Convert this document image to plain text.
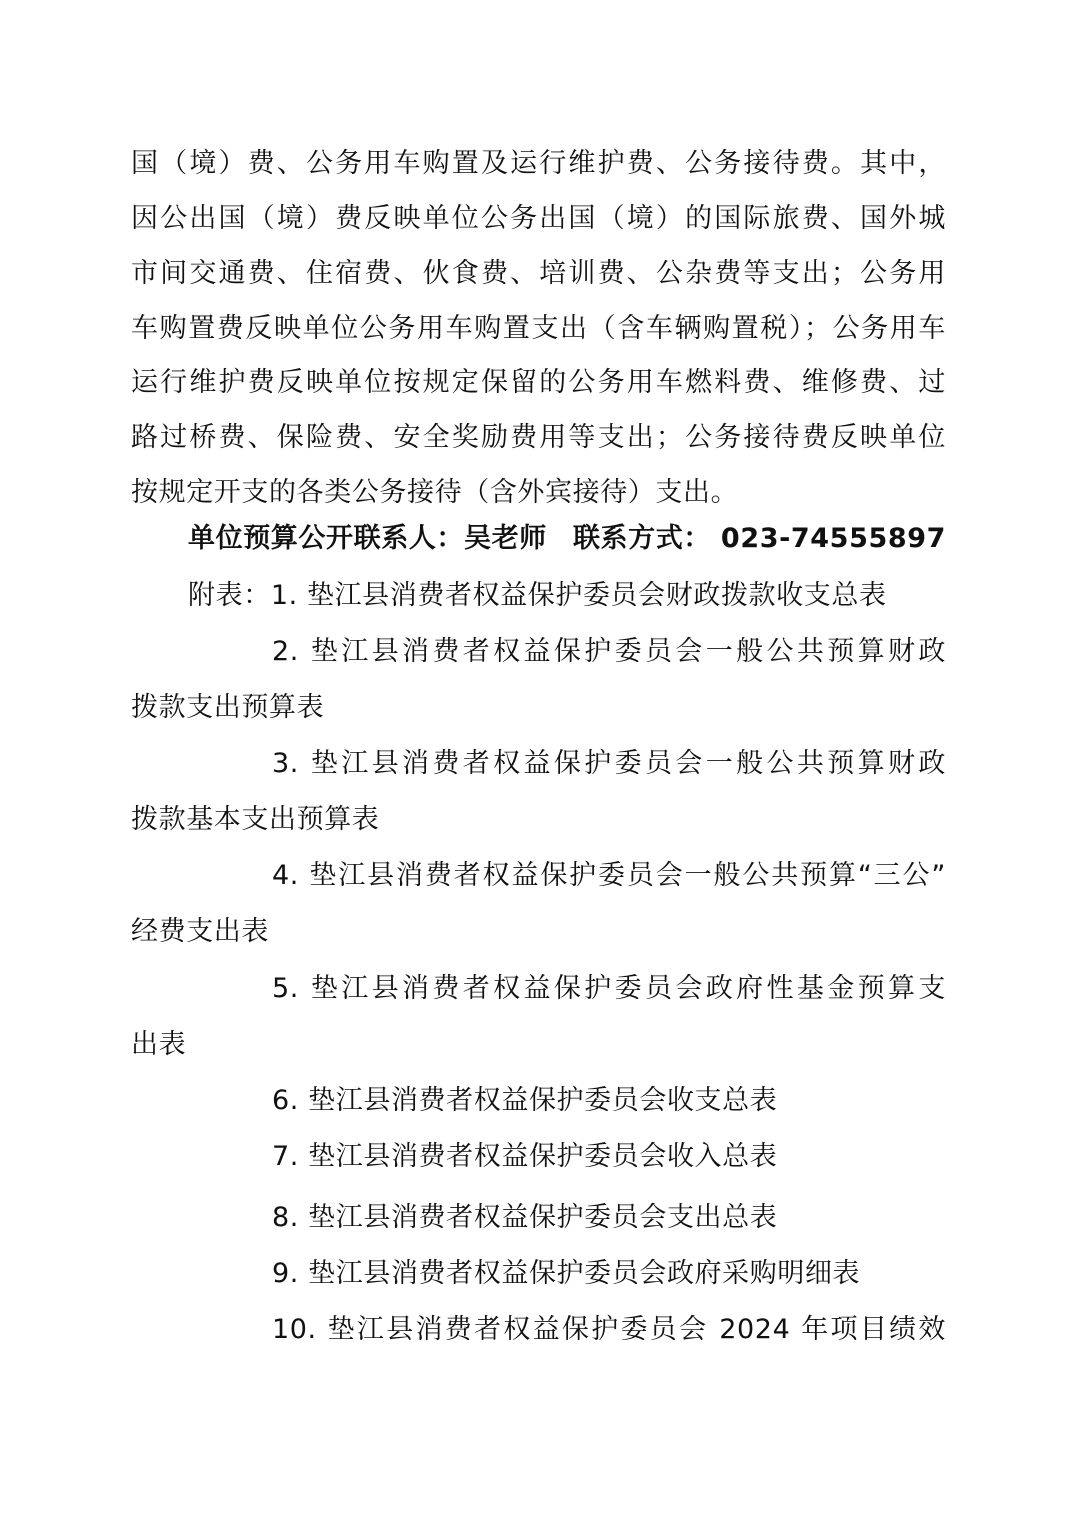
国（境）费、公务用车购置及运行维护费、公务接待费。其中，
因公出国（境）费反映单位公务出国（境）的国际旅费、国外城
市间交通费、住宿费、伙食费、培训费、公杂费等支出；公务用
车购置费反映单位公务用车购置支出（含车辆购置税）；公务用车
运行维护费反映单位按规定保留的公务用车燃料费、维修费、过
路过桥费、保险费、安全奖励费用等支出；公务接待费反映单位
按规定开支的各类公务接待（含外宾接待）支出。
单位预算公开联系人：吴老师 联系方式： 023-74555897
附表：1. 垫江县消费者权益保护委员会财政拨款收支总表
2. 垫江县消费者权益保护委员会一般公共预算财政
拨款支出预算表
3. 垫江县消费者权益保护委员会一般公共预算财政
拨款基本支出预算表
4. 垫江县消费者权益保护委员会一般公共预算“三公”
经费支出表
5. 垫江县消费者权益保护委员会政府性基金预算支
出表
6. 垫江县消费者权益保护委员会收支总表
7. 垫江县消费者权益保护委员会收入总表
8. 垫江县消费者权益保护委员会支出总表
9. 垫江县消费者权益保护委员会政府采购明细表
10. 垫江县消费者权益保护委员会 2024 年项目绩效
